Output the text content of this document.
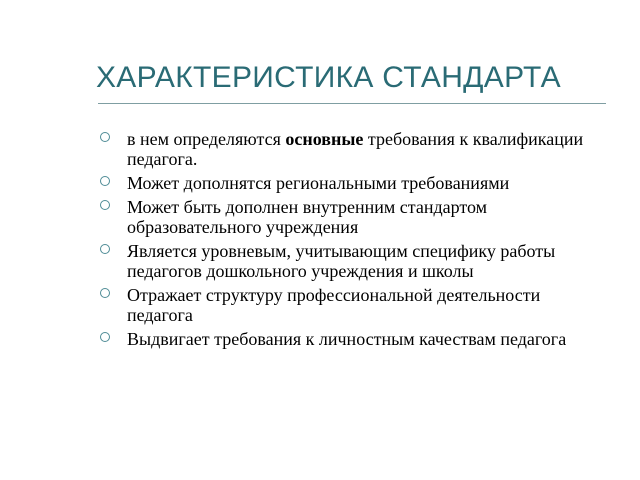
ХАРАКТЕРИСТИКА СТАНДАРТА
в нем определяются основные требования к квалификации педагога.
Может дополнятся региональными требованиями
Может быть дополнен внутренним стандартом образовательного учреждения
Является уровневым, учитывающим специфику работы педагогов дошкольного учреждения и школы
Отражает структуру профессиональной деятельности педагога
Выдвигает требования к личностным качествам педагога
